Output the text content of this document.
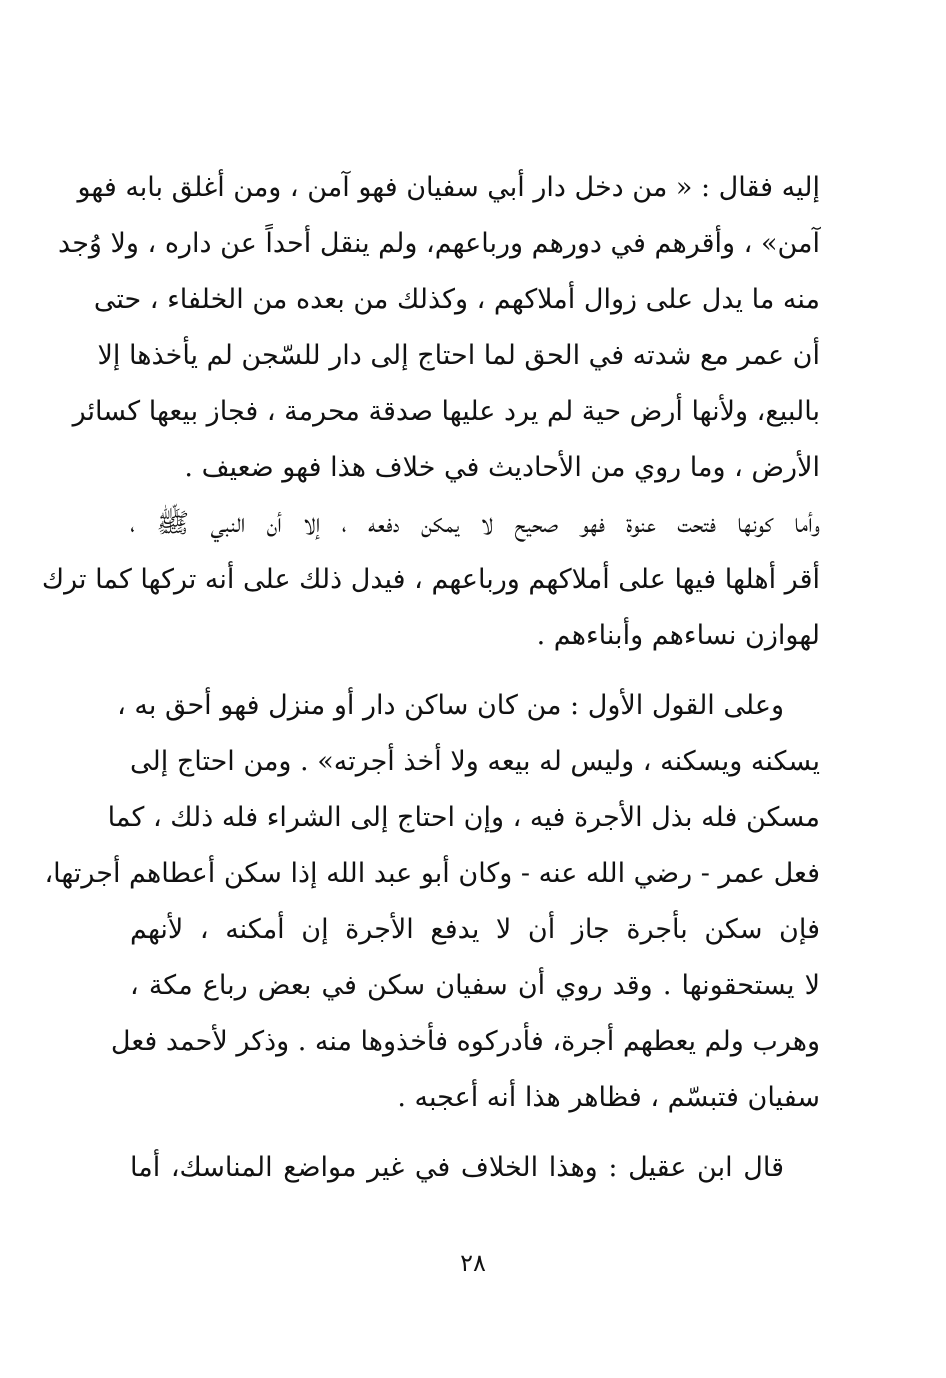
إليه فقال : « من دخل دار أبي سفيان فهو آمن ، ومن أغلق بابه فهو
آمن» ، وأقرهم في دورهم ورباعهم، ولم ينقل أحداً عن داره ، ولا وُجد
منه ما يدل على زوال أملاكهم ، وكذلك من بعده من الخلفاء ، حتى
أن عمر مع شدته في الحق لما احتاج إلى دار للسّجن لم يأخذها إلا
بالبيع، ولأنها أرض حية لم يرد عليها صدقة محرمة ، فجاز بيعها كسائر
الأرض ، وما روي من الأحاديث في خلاف هذا فهو ضعيف .
وأما كونها فتحت عنوة فهو صحيح لا يمكن دفعه ، إلا أن النبي ﷺ ،
أقر أهلها فيها على أملاكهم ورباعهم ، فيدل ذلك على أنه تركها كما ترك
لهوازن نساءهم وأبناءهم .
وعلى القول الأول : من كان ساكن دار أو منزل فهو أحق به ،
يسكنه ويسكنه ، وليس له بيعه ولا أخذ أجرته» . ومن احتاج إلى
مسكن فله بذل الأجرة فيه ، وإن احتاج إلى الشراء فله ذلك ، كما
فعل عمر - رضي الله عنه - وكان أبو عبد الله إذا سكن أعطاهم أجرتها،
فإن سكن بأجرة جاز أن لا يدفع الأجرة إن أمكنه ، لأنهم
لا يستحقونها . وقد روي أن سفيان سكن في بعض رباع مكة ،
وهرب ولم يعطهم أجرة، فأدركوه فأخذوها منه . وذكر لأحمد فعل
سفيان فتبسّم ، فظاهر هذا أنه أعجبه .
قال ابن عقيل : وهذا الخلاف في غير مواضع المناسك، أما
٢٨
